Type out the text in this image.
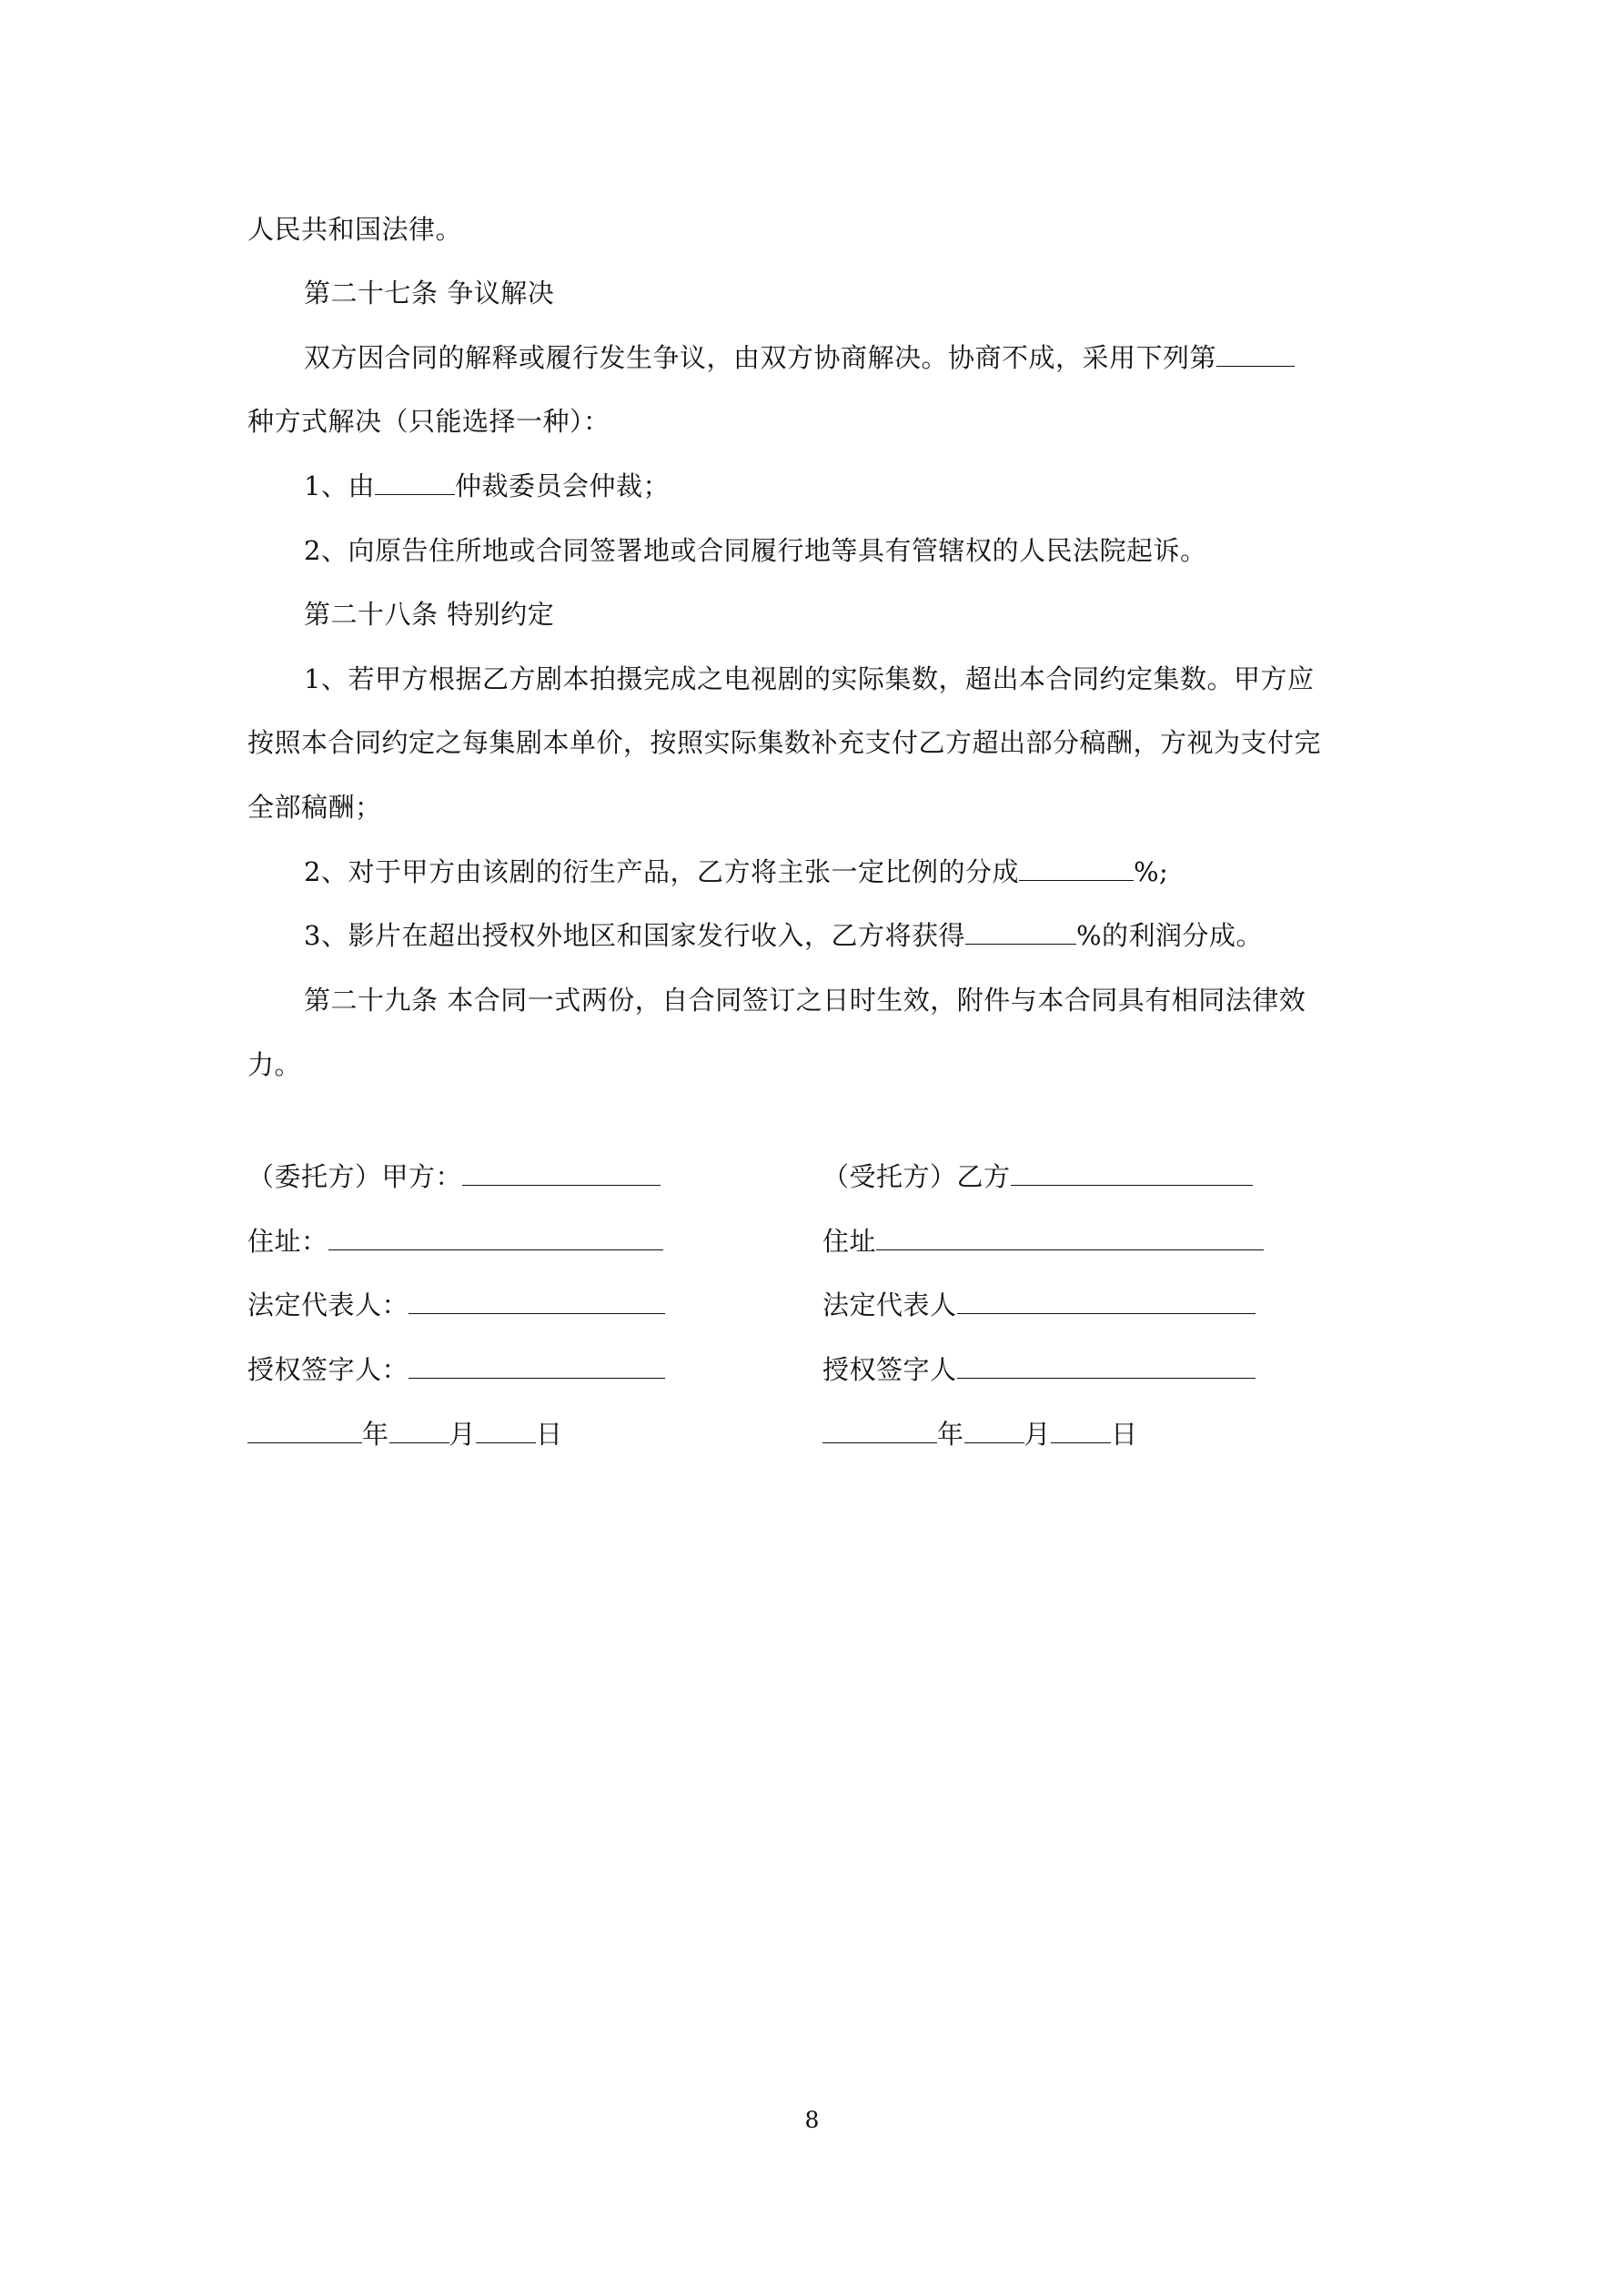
人民共和国法律。
第二十七条 争议解决
双方因合同的解释或履行发生争议，由双方协商解决。协商不成，采用下列第
种方式解决（只能选择一种）：
1、由	仲裁委员会仲裁；
2、向原告住所地或合同签署地或合同履行地等具有管辖权的人民法院起诉。
第二十八条 特别约定
1、若甲方根据乙方剧本拍摄完成之电视剧的实际集数，超出本合同约定集数。甲方应
按照本合同约定之每集剧本单价，按照实际集数补充支付乙方超出部分稿酬，方视为支付完
全部稿酬；
2、对于甲方由该剧的衍生产品，乙方将主张一定比例的分成	%;
3、影片在超出授权外地区和国家发行收入，乙方将获得	%的利润分成。
第二十九条 本合同一式两份，自合同签订之日时生效，附件与本合同具有相同法律效
力。
（委托方）甲方：
住址：
法定代表人：
授权签字人：
年 月 日
（受托方）乙方
住址
法定代表人
授权签字人
年 月 日
8
